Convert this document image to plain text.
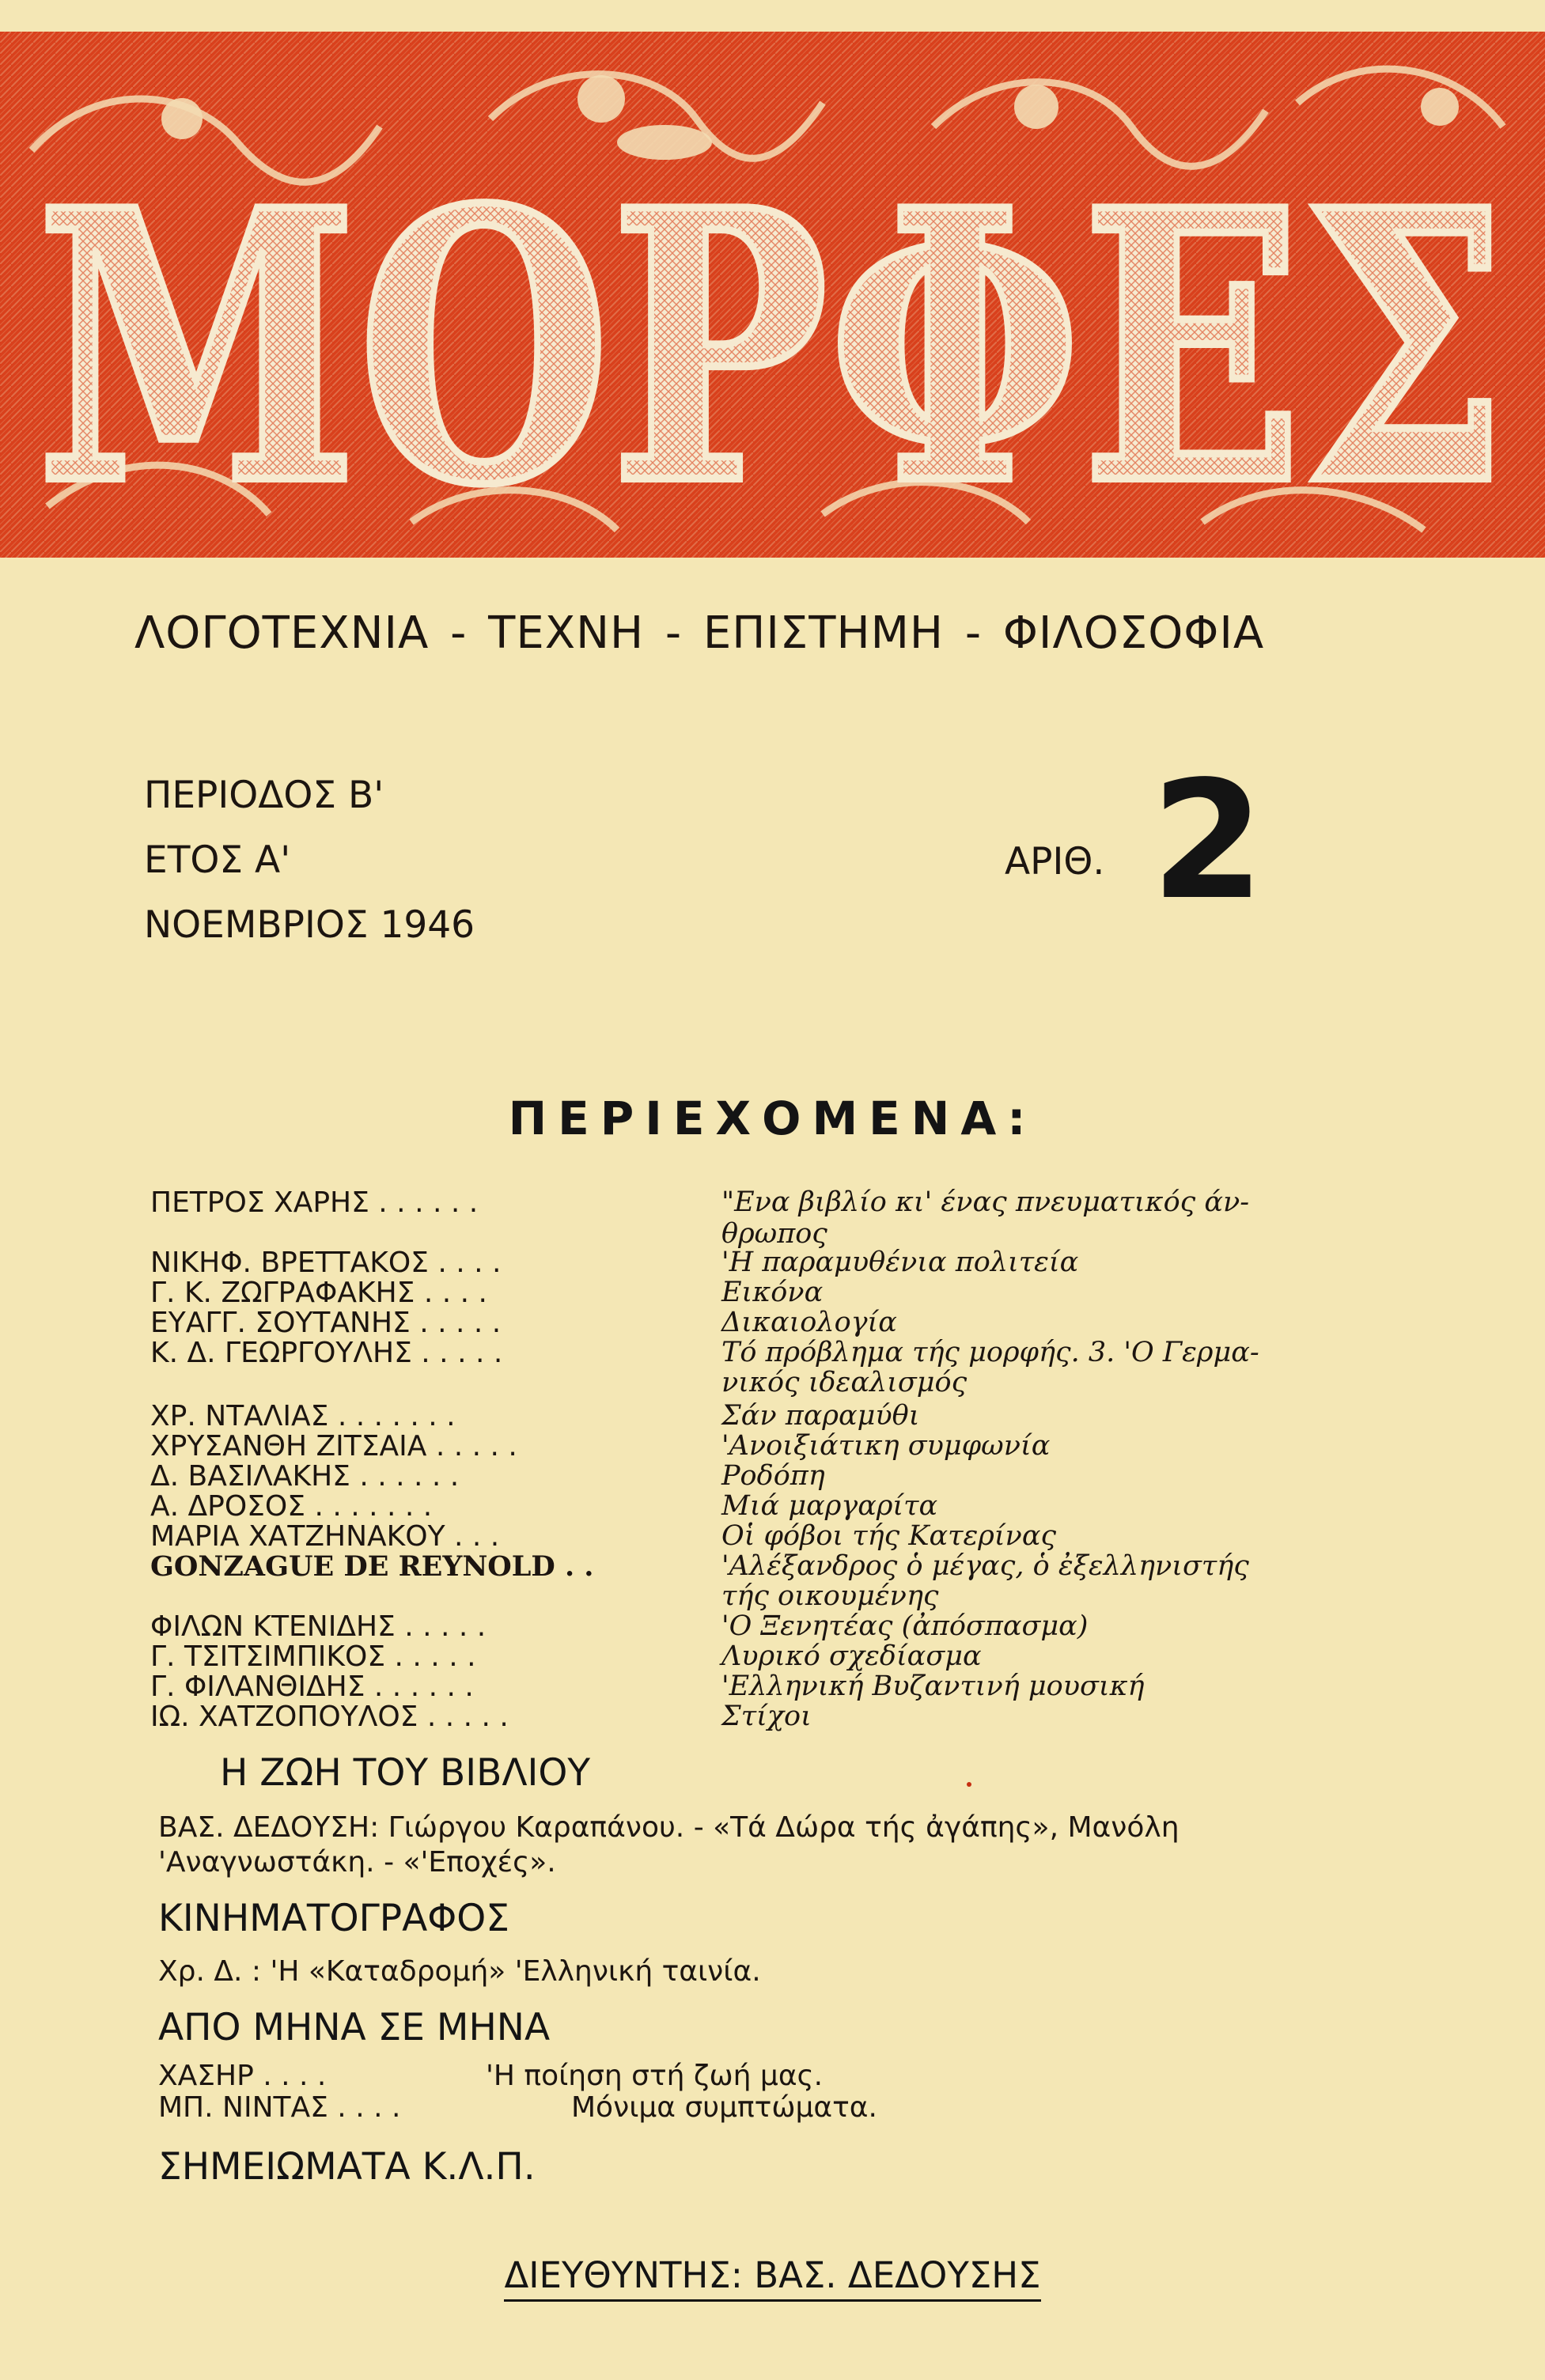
ΜΟΡΦΕΣ
ΛΟΓΟΤΕΧΝΙΑ - ΤΕΧΝΗ - ΕΠΙΣΤΗΜΗ - ΦΙΛΟΣΟΦΙΑ
ΠΕΡΙΟΔΟΣ Β'
ΕΤΟΣ Α'
ΝΟΕΜΒΡΙΟΣ 1946
ΑΡΙΘ. 2
ΠΕΡΙΕΧΟΜΕΝΑ:
ΠΕΤΡΟΣ ΧΑΡΗΣ . . . . . .	"Ενα βιβλίο κι' ένας πνευματικός άν-
θρωπος
ΝΙΚΗΦ. ΒΡΕΤΤΑΚΟΣ . . . .	'Η παραμυθένια πολιτεία
Γ. Κ. ΖΩΓΡΑΦΑΚΗΣ . . . .	Εικόνα
ΕΥΑΓΓ. ΣΟΥΤΑΝΗΣ . . . . .	Δικαιολογία
Κ. Δ. ΓΕΩΡΓΟΥΛΗΣ . . . . .	Τό πρόβλημα τής μορφής. 3. 'Ο Γερμα-
νικός ιδεαλισμός
ΧΡ. ΝΤΑΛΙΑΣ . . . . . . .	Σάν παραμύθι
ΧΡΥΣΑΝΘΗ ΖΙΤΣΑΙΑ . . . . .	'Ανοιξιάτικη συμφωνία
Δ. ΒΑΣΙΛΑΚΗΣ . . . . . .	Ροδόπη
Α. ΔΡΟΣΟΣ . . . . . . .	Μιά μαργαρίτα
ΜΑΡΙΑ ΧΑΤΖΗΝΑΚΟΥ . . .	Οἱ φόβοι τής Κατερίνας
GONZAGUE DE REYNOLD . .	'Αλέξανδρος ὁ μέγας, ὁ ἐξελληνιστής
τής οικουμένης
ΦΙΛΩΝ ΚΤΕΝΙΔΗΣ . . . . .	'Ο Ξενητέας (ἀπόσπασμα)
Γ. ΤΣΙΤΣΙΜΠΙΚΟΣ . . . . .	Λυρικό σχεδίασμα
Γ. ΦΙΛΑΝΘΙΔΗΣ . . . . . .	'Ελληνική Βυζαντινή μουσική
ΙΩ. ΧΑΤΖΟΠΟΥΛΟΣ . . . . .	Στίχοι
Η ΖΩΗ ΤΟΥ ΒΙΒΛΙΟΥ
ΒΑΣ. ΔΕΔΟΥΣΗ: Γιώργου Καραπάνου. - «Τά Δώρα τής ἀγάπης», Μανόλη
'Αναγνωστάκη. - «'Εποχές».
ΚΙΝΗΜΑΤΟΓΡΑΦΟΣ
Χρ. Δ. : 'Η «Καταδρομή» 'Ελληνική ταινία.
ΑΠΟ ΜΗΝΑ ΣΕ ΜΗΝΑ
ΧΑΣΗΡ . . . .	'Η ποίηση στή ζωή μας.
ΜΠ. ΝΙΝΤΑΣ . . . .	Μόνιμα συμπτώματα.
ΣΗΜΕΙΩΜΑΤΑ Κ.Λ.Π.
ΔΙΕΥΘΥΝΤΗΣ: ΒΑΣ. ΔΕΔΟΥΣΗΣ
